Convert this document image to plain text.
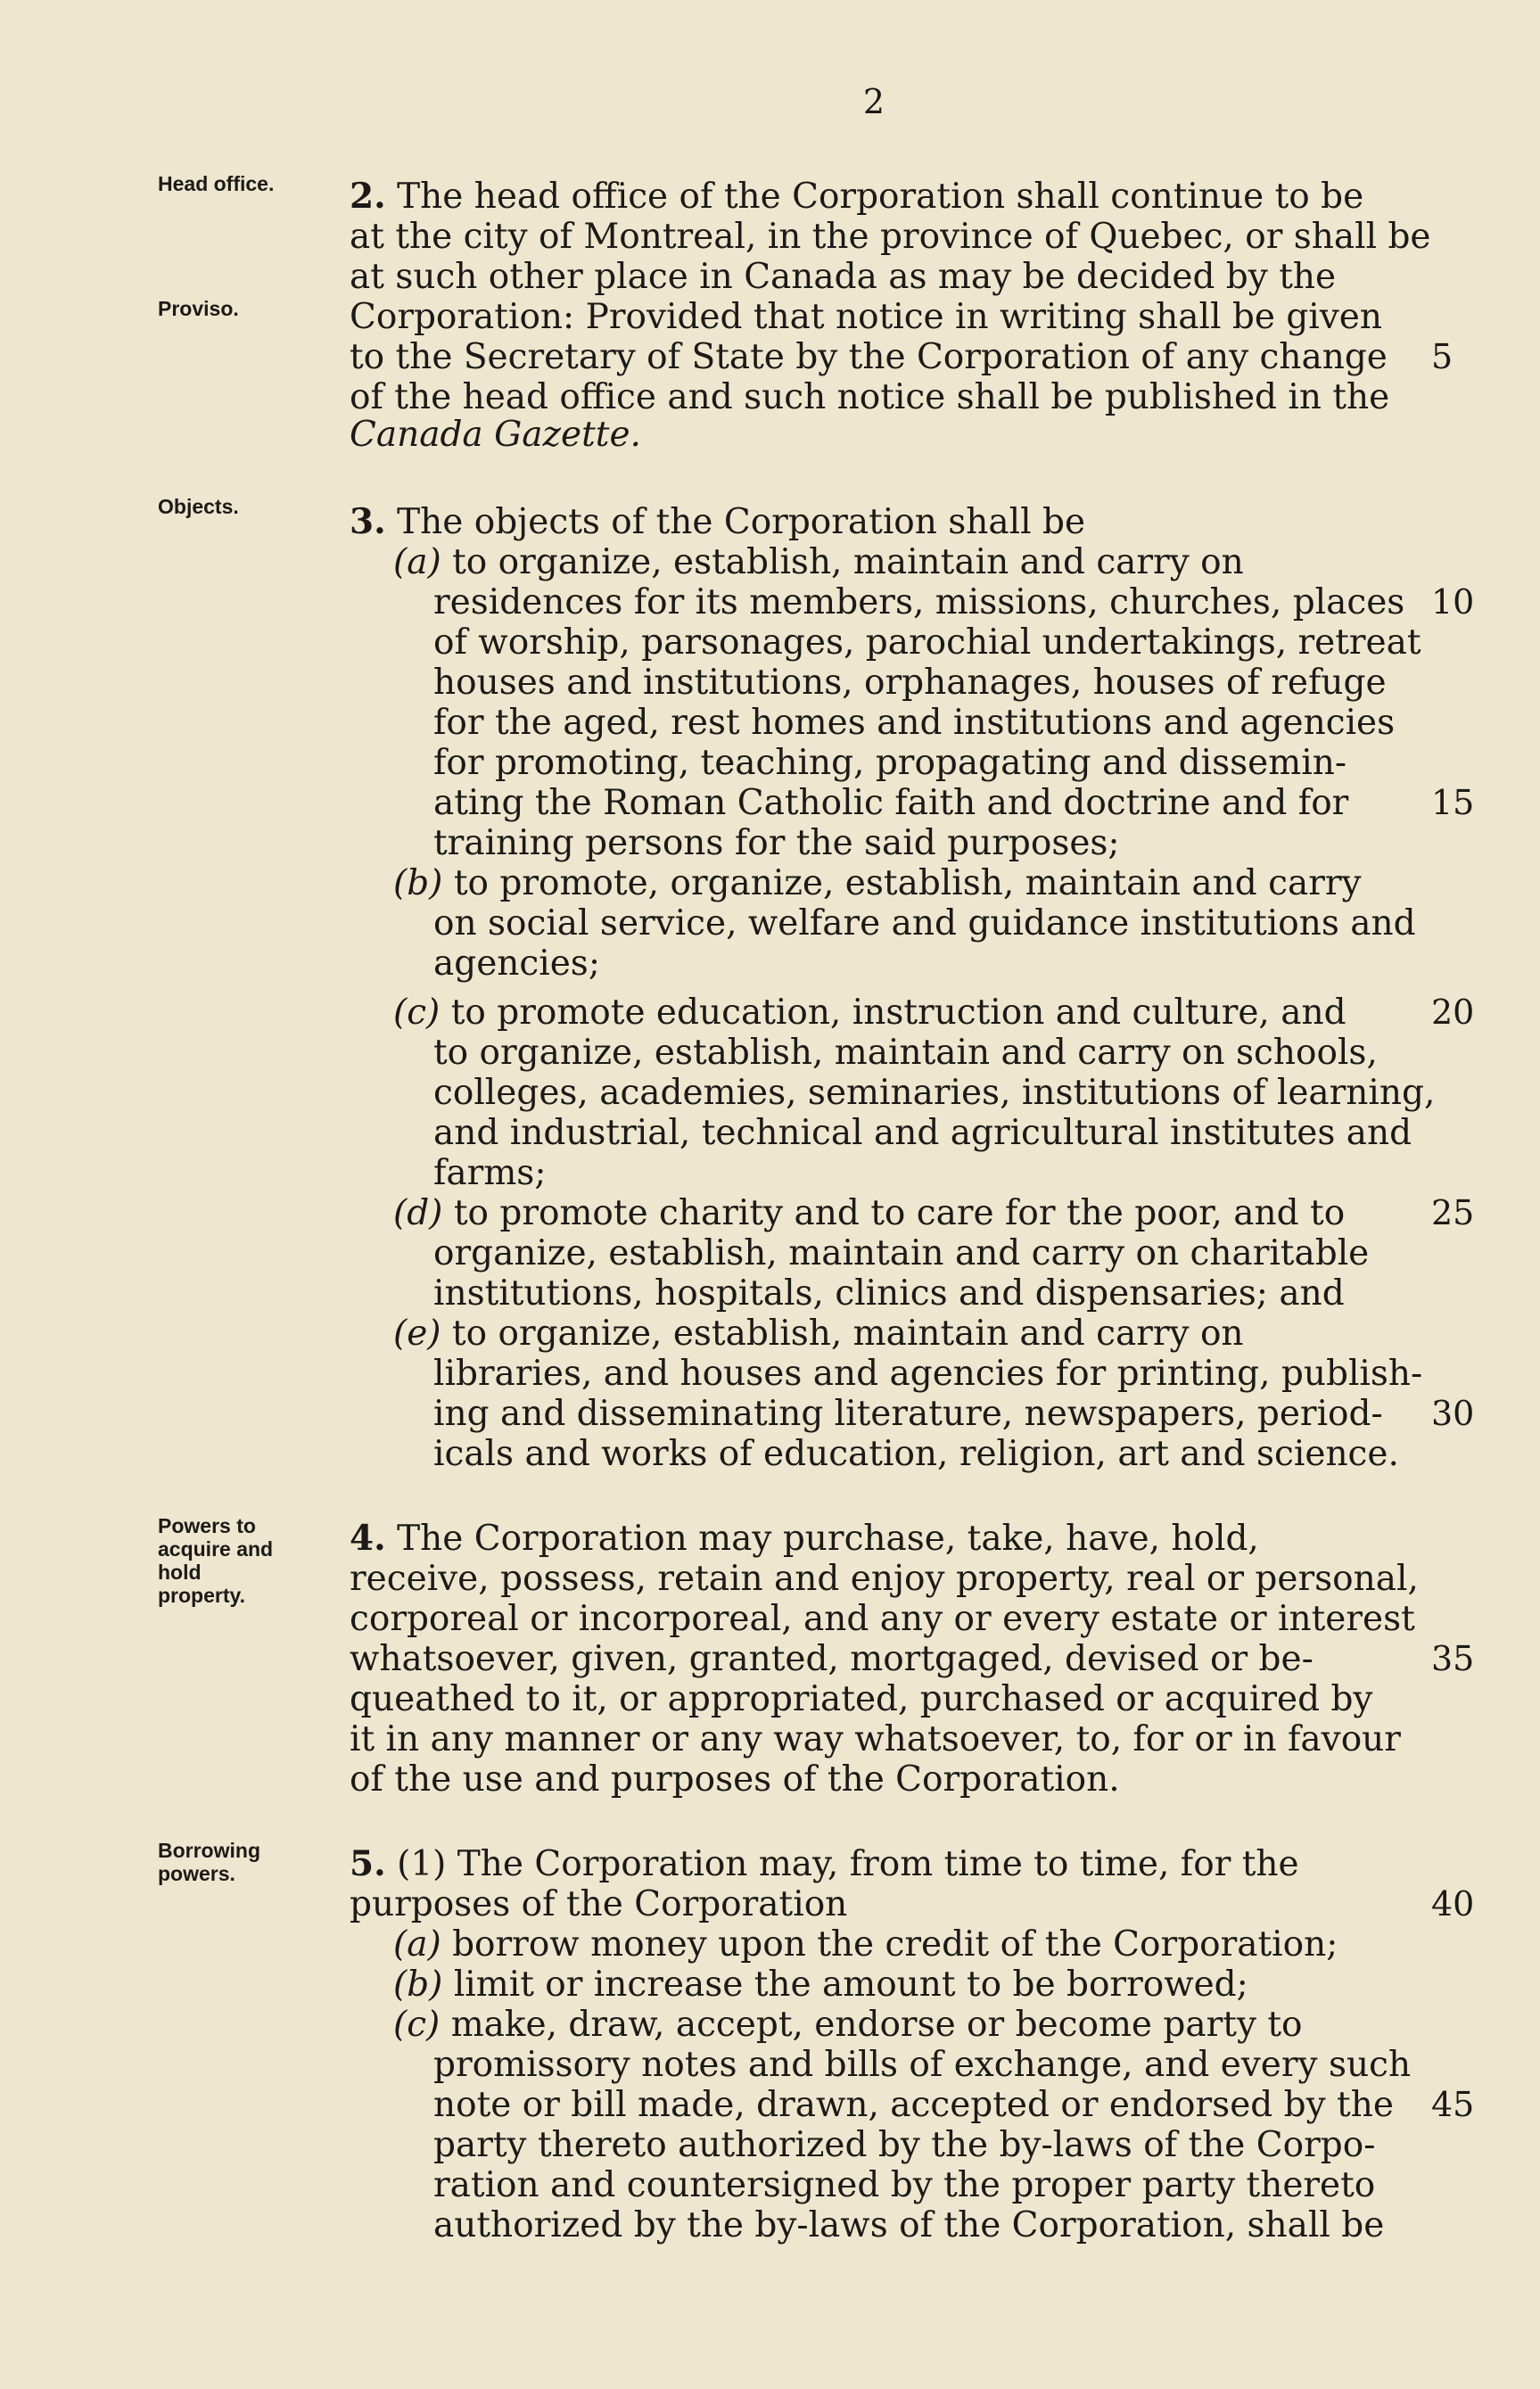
2
Head office.
Proviso.
Objects.
Powers to
acquire and
hold
property.
Borrowing
powers.
2. The head office of the Corporation shall continue to be
at the city of Montreal, in the province of Quebec, or shall be
at such other place in Canada as may be decided by the
Corporation: Provided that notice in writing shall be given
to the Secretary of State by the Corporation of any change
of the head office and such notice shall be published in the
Canada Gazette.
3. The objects of the Corporation shall be
(a) to organize, establish, maintain and carry on
residences for its members, missions, churches, places
of worship, parsonages, parochial undertakings, retreat
houses and institutions, orphanages, houses of refuge
for the aged, rest homes and institutions and agencies
for promoting, teaching, propagating and dissemin-
ating the Roman Catholic faith and doctrine and for
training persons for the said purposes;
(b) to promote, organize, establish, maintain and carry
on social service, welfare and guidance institutions and
agencies;
(c) to promote education, instruction and culture, and
to organize, establish, maintain and carry on schools,
colleges, academies, seminaries, institutions of learning,
and industrial, technical and agricultural institutes and
farms;
(d) to promote charity and to care for the poor, and to
organize, establish, maintain and carry on charitable
institutions, hospitals, clinics and dispensaries; and
(e) to organize, establish, maintain and carry on
libraries, and houses and agencies for printing, publish-
ing and disseminating literature, newspapers, period-
icals and works of education, religion, art and science.
4. The Corporation may purchase, take, have, hold,
receive, possess, retain and enjoy property, real or personal,
corporeal or incorporeal, and any or every estate or interest
whatsoever, given, granted, mortgaged, devised or be-
queathed to it, or appropriated, purchased or acquired by
it in any manner or any way whatsoever, to, for or in favour
of the use and purposes of the Corporation.
5. (1) The Corporation may, from time to time, for the
purposes of the Corporation
(a) borrow money upon the credit of the Corporation;
(b) limit or increase the amount to be borrowed;
(c) make, draw, accept, endorse or become party to
promissory notes and bills of exchange, and every such
note or bill made, drawn, accepted or endorsed by the
party thereto authorized by the by-laws of the Corpo-
ration and countersigned by the proper party thereto
authorized by the by-laws of the Corporation, shall be
5
10
15
20
25
30
35
40
45
